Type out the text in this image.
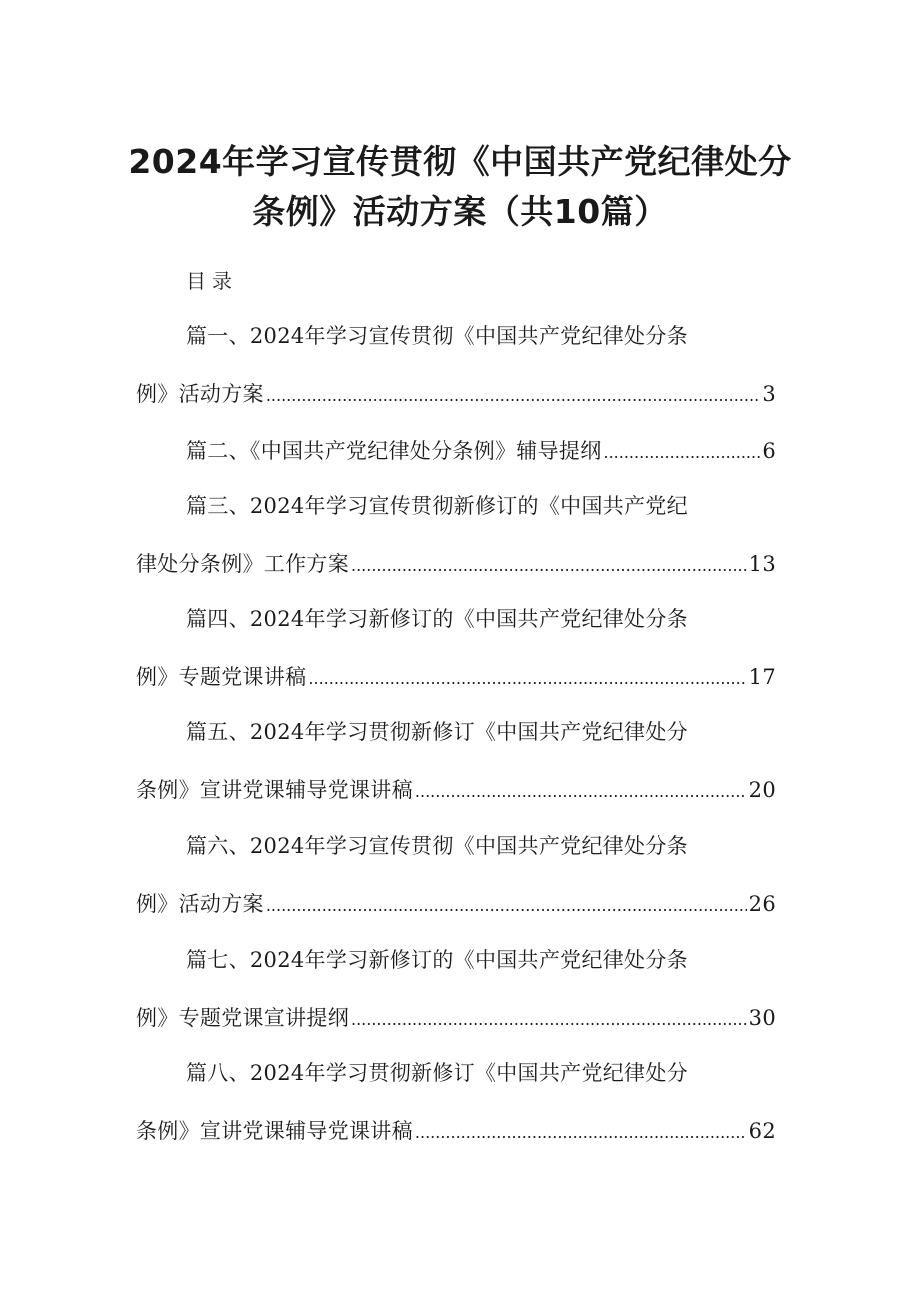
2024年学习宣传贯彻《中国共产党纪律处分
条例》活动方案（共10篇）
目录
篇一、2024年学习宣传贯彻《中国共产党纪律处分条
例》活动方案 .....	3
篇二、《中国共产党纪律处分条例》辅导提纲 .....	6
篇三、2024年学习宣传贯彻新修订的《中国共产党纪
律处分条例》工作方案 .....	13
篇四、2024年学习新修订的《中国共产党纪律处分条
例》专题党课讲稿 .....	17
篇五、2024年学习贯彻新修订《中国共产党纪律处分
条例》宣讲党课辅导党课讲稿 .....	20
篇六、2024年学习宣传贯彻《中国共产党纪律处分条
例》活动方案 .....	26
篇七、2024年学习新修订的《中国共产党纪律处分条
例》专题党课宣讲提纲 .....	30
篇八、2024年学习贯彻新修订《中国共产党纪律处分
条例》宣讲党课辅导党课讲稿 .....	62
